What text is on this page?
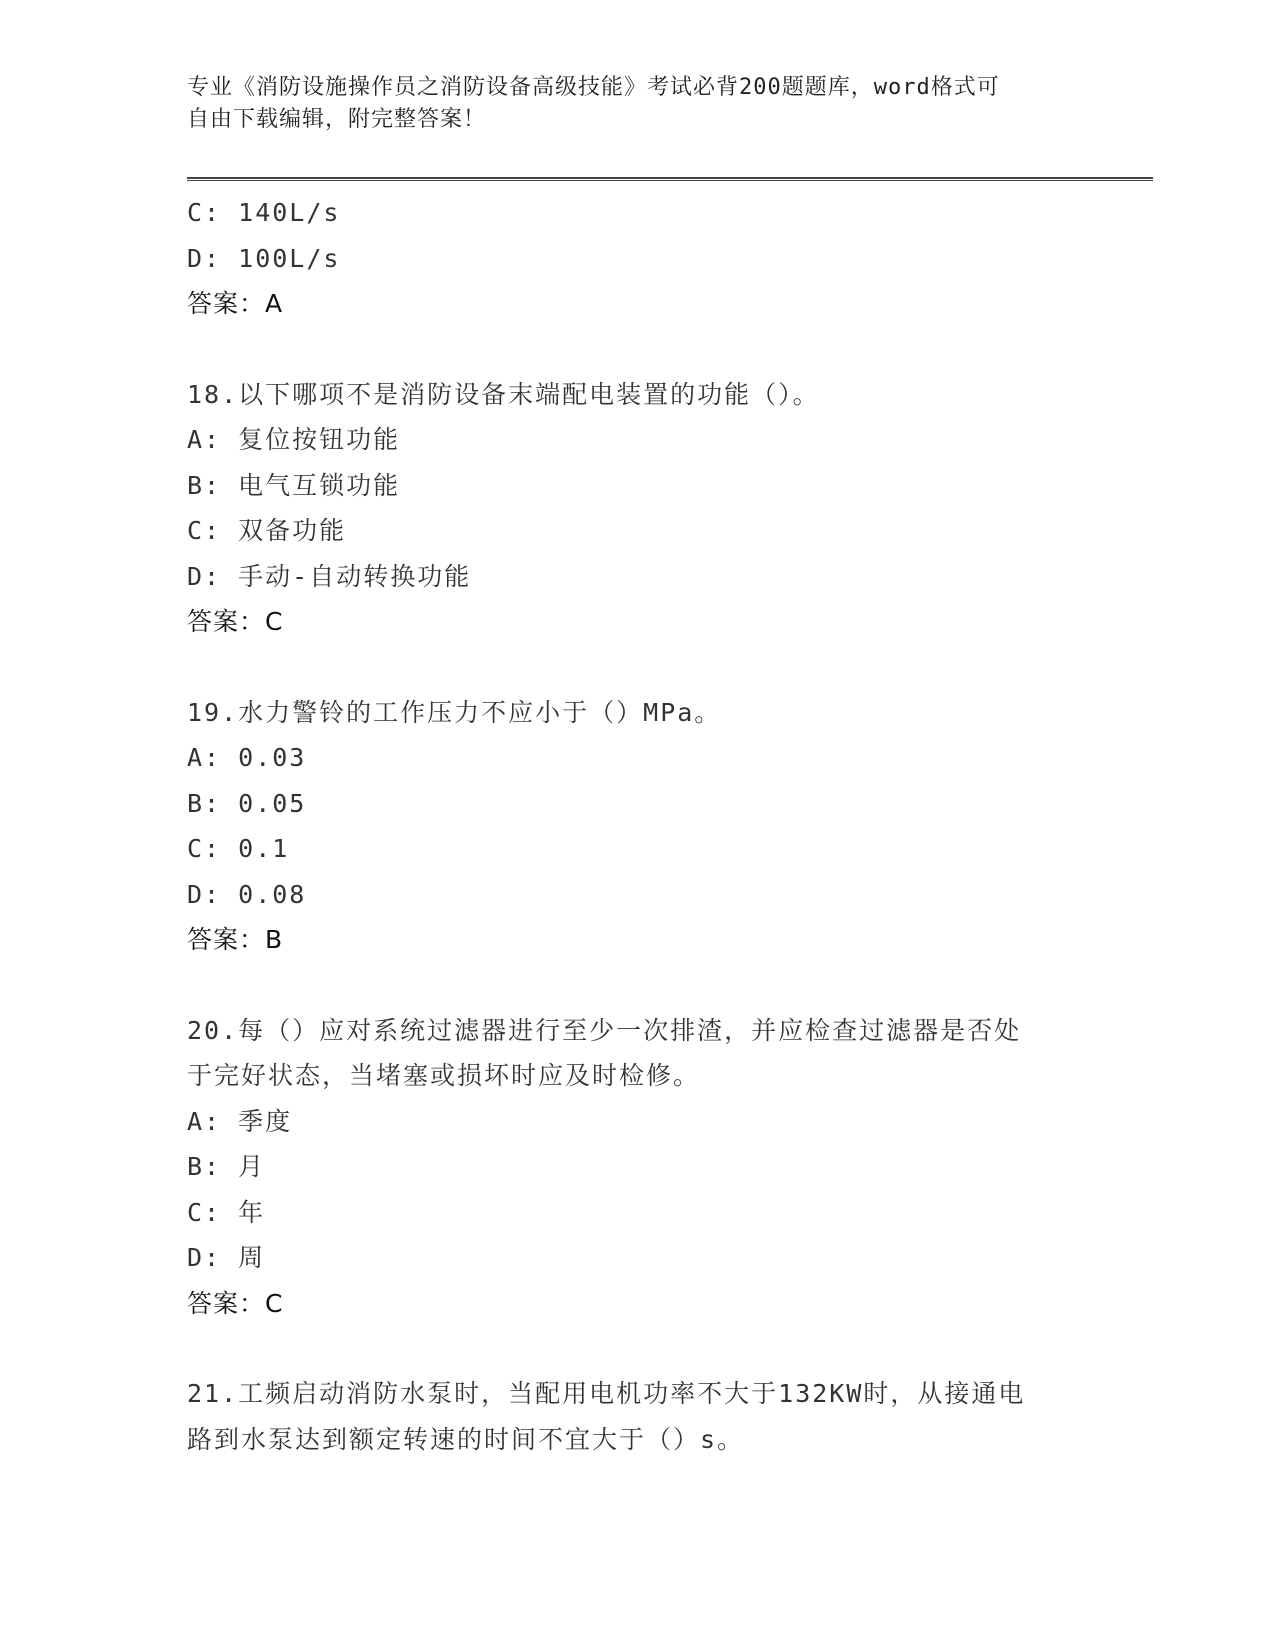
专业《消防设施操作员之消防设备高级技能》考试必背200题题库，word格式可
自由下载编辑，附完整答案！
C: 140L/s
D: 100L/s
答案：A
18.以下哪项不是消防设备末端配电装置的功能（）。
A: 复位按钮功能
B: 电气互锁功能
C: 双备功能
D: 手动-自动转换功能
答案：C
19.水力警铃的工作压力不应小于（）MPa。
A: 0.03
B: 0.05
C: 0.1
D: 0.08
答案：B
20.每（）应对系统过滤器进行至少一次排渣，并应检查过滤器是否处
于完好状态，当堵塞或损坏时应及时检修。
A: 季度
B: 月
C: 年
D: 周
答案：C
21.工频启动消防水泵时，当配用电机功率不大于132KW时，从接通电
路到水泵达到额定转速的时间不宜大于（）s。
